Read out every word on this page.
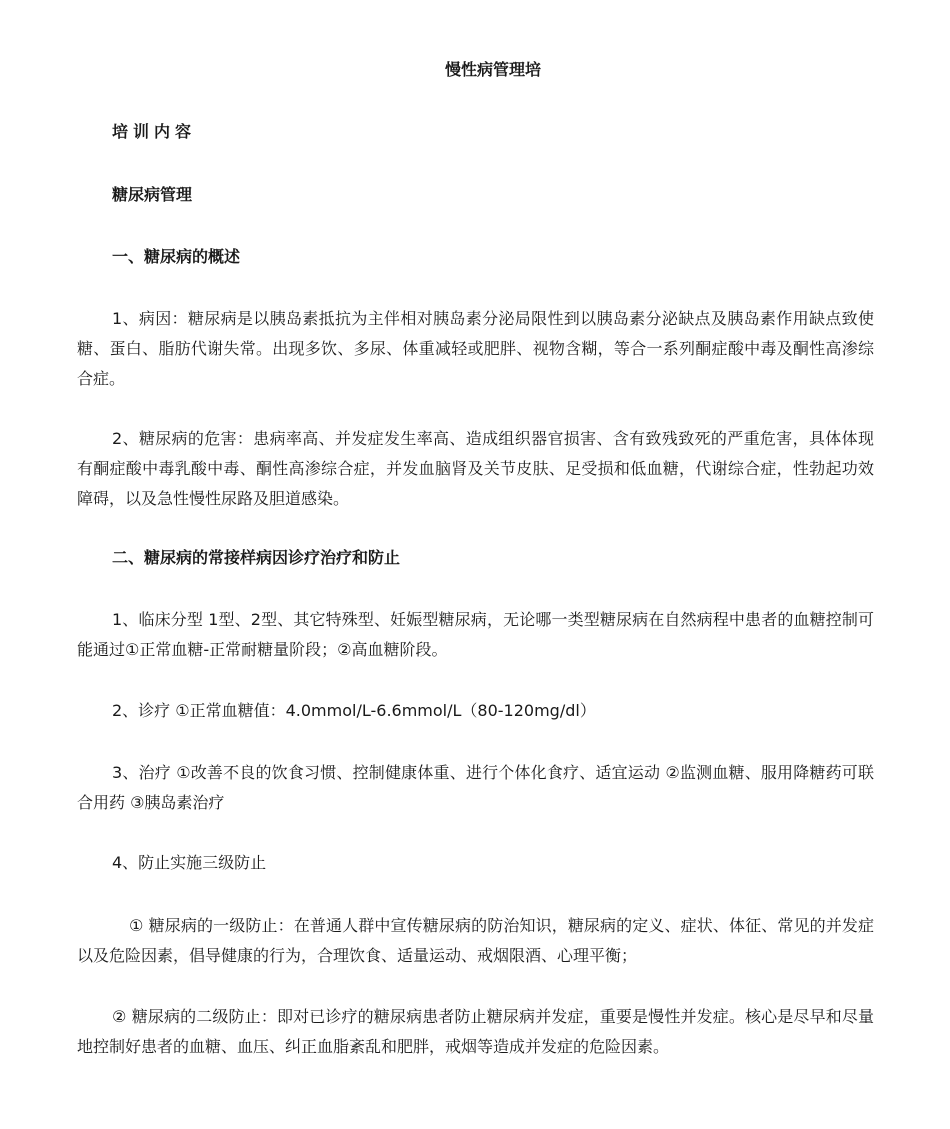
慢性病管理培
培训内容
糖尿病管理
一、糖尿病的概述

1、病因：糖尿病是以胰岛素抵抗为主伴相对胰岛素分泌局限性到以胰岛素分泌缺点及胰岛素作用缺点致使糖、蛋白、脂肪代谢失常。出现多饮、多尿、体重减轻或肥胖、视物含糊，等合一系列酮症酸中毒及酮性高渗综合症。

2、糖尿病的危害：患病率高、并发症发生率高、造成组织器官损害、含有致残致死的严重危害，具体体现有酮症酸中毒乳酸中毒、酮性高渗综合症，并发血脑肾及关节皮肤、足受损和低血糖，代谢综合症，性勃起功效障碍，以及急性慢性尿路及胆道感染。

二、糖尿病的常接样病因诊疗治疗和防止

1、临床分型 1型、2型、其它特殊型、妊娠型糖尿病，无论哪一类型糖尿病在自然病程中患者的血糖控制可能通过①正常血糖-正常耐糖量阶段；②高血糖阶段。

2、诊疗 ①正常血糖值：4.0mmol/L-6.6mmol/L（80-120mg/dl）

3、治疗 ①改善不良的饮食习惯、控制健康体重、进行个体化食疗、适宜运动 ②监测血糖、服用降糖药可联合用药 ③胰岛素治疗

4、防止实施三级防止

① 糖尿病的一级防止：在普通人群中宣传糖尿病的防治知识，糖尿病的定义、症状、体征、常见的并发症以及危险因素，倡导健康的行为，合理饮食、适量运动、戒烟限酒、心理平衡；

② 糖尿病的二级防止：即对已诊疗的糖尿病患者防止糖尿病并发症，重要是慢性并发症。核心是尽早和尽量地控制好患者的血糖、血压、纠正血脂紊乱和肥胖，戒烟等造成并发症的危险因素。
